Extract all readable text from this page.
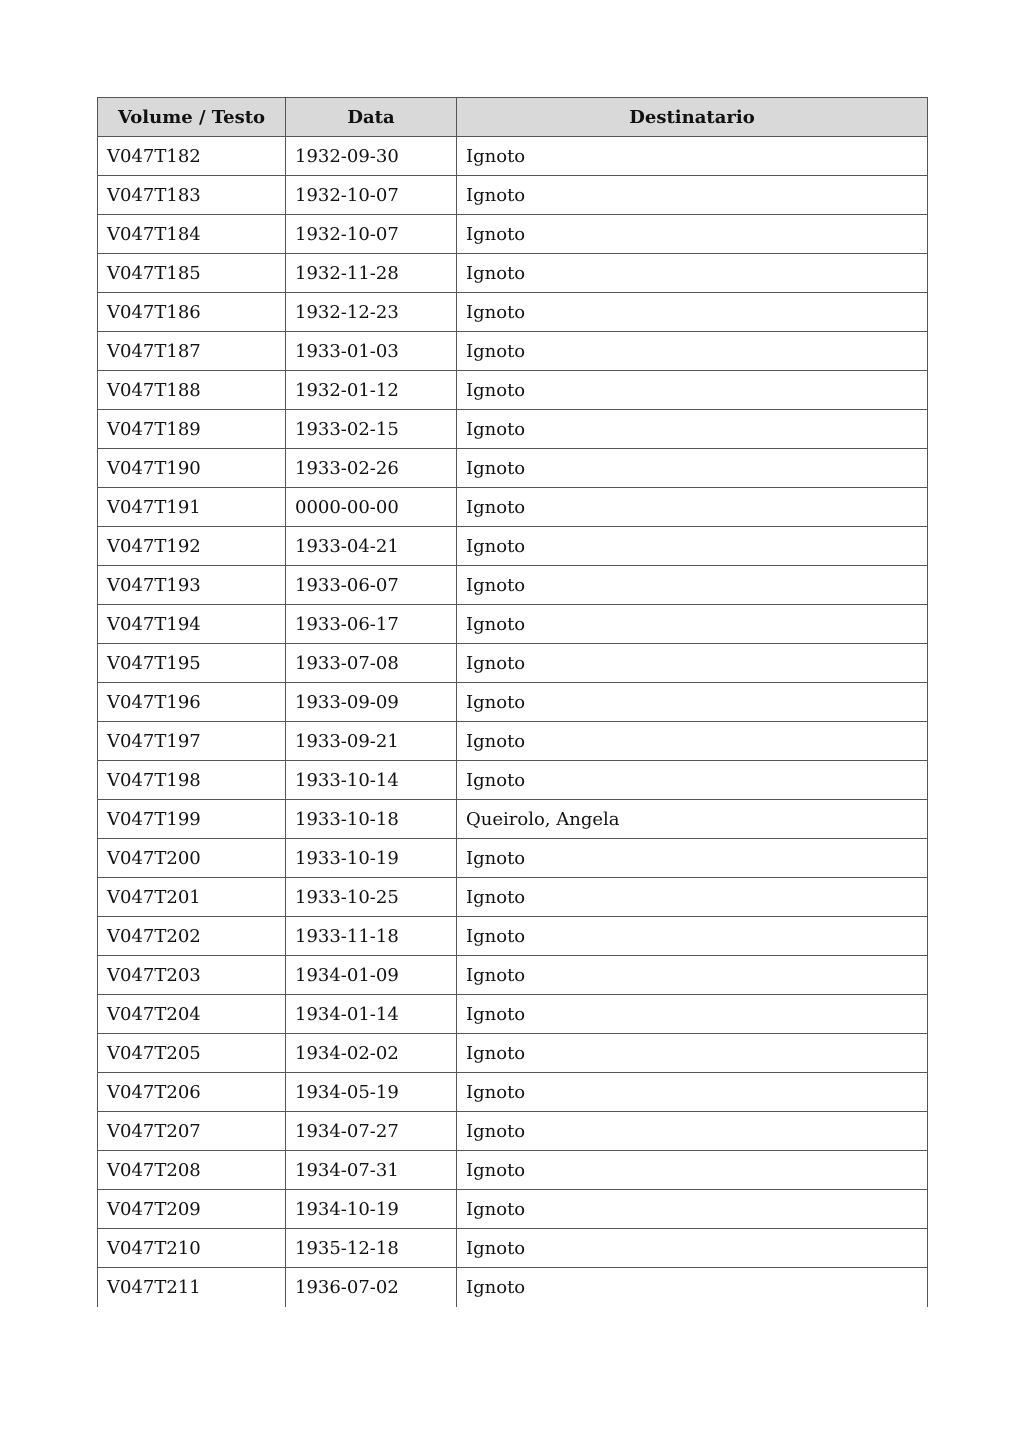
Volume / Testo	Data	Destinatario
V047T182	1932-09-30	Ignoto
V047T183	1932-10-07	Ignoto
V047T184	1932-10-07	Ignoto
V047T185	1932-11-28	Ignoto
V047T186	1932-12-23	Ignoto
V047T187	1933-01-03	Ignoto
V047T188	1932-01-12	Ignoto
V047T189	1933-02-15	Ignoto
V047T190	1933-02-26	Ignoto
V047T191	0000-00-00	Ignoto
V047T192	1933-04-21	Ignoto
V047T193	1933-06-07	Ignoto
V047T194	1933-06-17	Ignoto
V047T195	1933-07-08	Ignoto
V047T196	1933-09-09	Ignoto
V047T197	1933-09-21	Ignoto
V047T198	1933-10-14	Ignoto
V047T199	1933-10-18	Queirolo, Angela
V047T200	1933-10-19	Ignoto
V047T201	1933-10-25	Ignoto
V047T202	1933-11-18	Ignoto
V047T203	1934-01-09	Ignoto
V047T204	1934-01-14	Ignoto
V047T205	1934-02-02	Ignoto
V047T206	1934-05-19	Ignoto
V047T207	1934-07-27	Ignoto
V047T208	1934-07-31	Ignoto
V047T209	1934-10-19	Ignoto
V047T210	1935-12-18	Ignoto
V047T211	1936-07-02	Ignoto
